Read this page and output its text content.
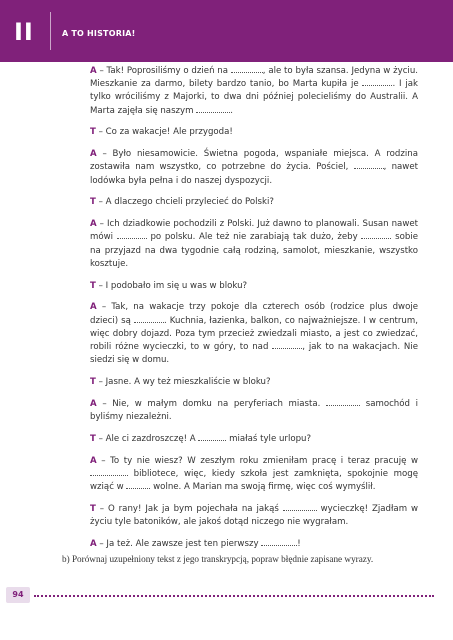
II	A TO HISTORIA!

A – Tak! Poprosiliśmy o dzień na	, ale to była szansa. Jedyna w życiu. Mieszkanie za darmo, bilety bardzo tanio, bo Marta kupiła je	. I jak tylko wróciliśmy z Majorki, to dwa dni później polecieliśmy do Australii. A Marta zajęła się naszym	.

T – Co za wakacje! Ale przygoda!

A – Było niesamowicie. Świetna pogoda, wspaniałe miejsca. A rodzina zostawiła nam wszystko, co potrzebne do życia. Pościel,	, nawet lodówka była pełna i do naszej dyspozycji.

T – A dlaczego chcieli przylecieć do Polski?

A – Ich dziadkowie pochodzili z Polski. Już dawno to planowali. Susan nawet mówi	po polsku. Ale też nie zarabiają tak dużo, żeby	sobie na przyjazd na dwa tygodnie całą rodziną, samolot, mieszkanie, wszystko kosztuje.

T – I podobało im się u was w bloku?

A – Tak, na wakacje trzy pokoje dla czterech osób (rodzice plus dwoje dzieci) są	. Kuchnia, łazienka, balkon, co najważniejsze. I w centrum, więc dobry dojazd. Poza tym przecież zwiedzali miasto, a jest co zwiedzać, robili różne wycieczki, to w góry, to nad	, jak to na wakacjach. Nie siedzi się w domu.

T – Jasne. A wy też mieszkaliście w bloku?

A – Nie, w małym domku na peryferiach miasta.	samochód i byliśmy niezależni.

T – Ale ci zazdroszczę! A	miałaś tyle urlopu?

A – To ty nie wiesz? W zeszłym roku zmieniłam pracę i teraz pracuję w  bibliotece, więc, kiedy szkoła jest zamknięta, spokojnie mogę wziąć w	wolne. A Marian ma swoją firmę, więc coś wymyślił.

T – O rany! Jak ja bym pojechała na jakąś	wycieczkę! Zjadłam w życiu tyle batoników, ale jakoś dotąd niczego nie wygrałam.

A – Ja też. Ale zawsze jest ten pierwszy	!

b) Porównaj uzupełniony tekst z jego transkrypcją, popraw błędnie zapisane wyrazy.
94
